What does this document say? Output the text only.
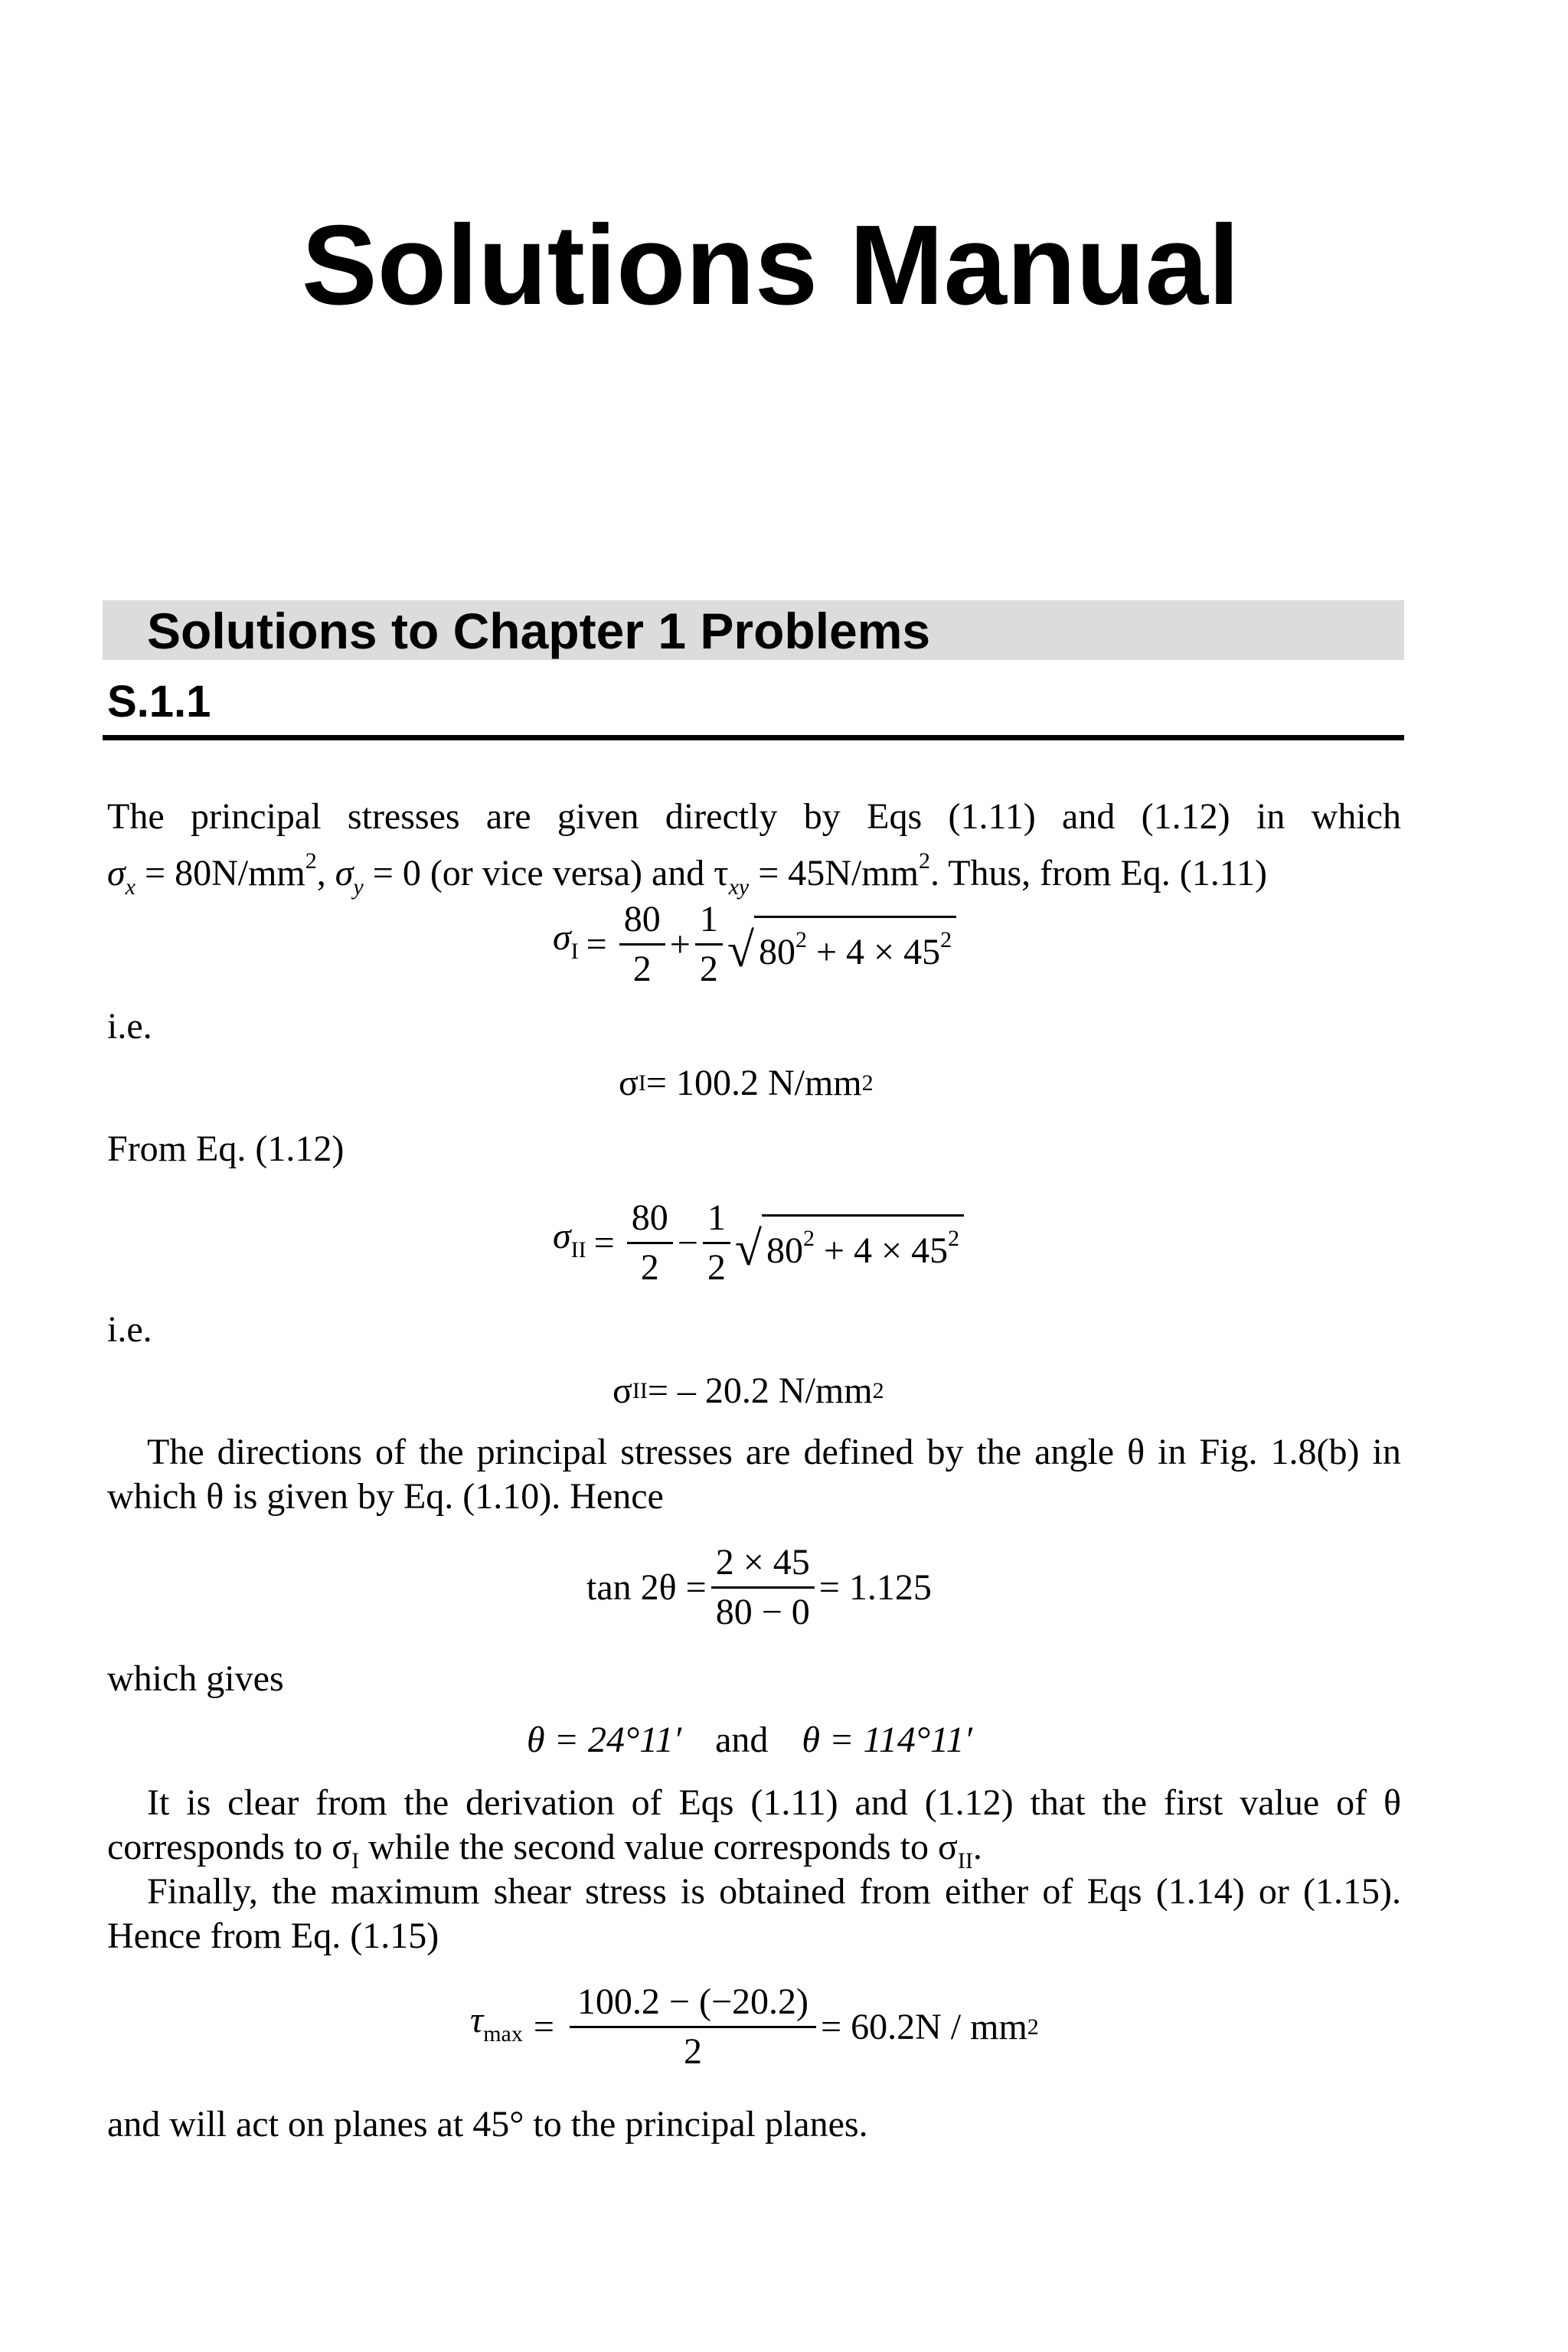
Solutions Manual
Solutions to Chapter 1 Problems
S.1.1
The principal stresses are given directly by Eqs (1.11) and (1.12) in which
$\sigma_x = 80N/mm^2$, $\sigma_y = 0$ (or vice versa) and $\tau_{xy} = 45N/mm^2$. Thus, from Eq. (1.11)
$\sigma_I = \frac{80}{2} + \frac{1}{2}$ √ $80^2 + 4 \times 45^2$
i.e.
σ I = 100.2 N/mm 2
From Eq. (1.12)
$\sigma_{II} = \frac{80}{2} - \frac{1}{2}$ √ $80^2 + 4 \times 45^2$
i.e.
σ II = – 20.2 N/mm 2
The directions of the principal stresses are defined by the angle θ in Fig. 1.8(b) in
which θ is given by Eq. (1.10). Hence
$\tan 2\theta = \frac{2 \times 45}{80 - 0} = 1.125$
which gives
θ = 24°11′ and θ = 114°11′
It is clear from the derivation of Eqs (1.11) and (1.12) that the first value of θ
corresponds to $\sigma_I$ while the second value corresponds to $\sigma_{II}$.
Finally, the maximum shear stress is obtained from either of Eqs (1.14) or (1.15).
Hence from Eq. (1.15)
$\tau_{max} = \frac{100.2 - (-20.2)}{2} = 60.2N$ / mm 2
and will act on planes at 45° to the principal planes.
